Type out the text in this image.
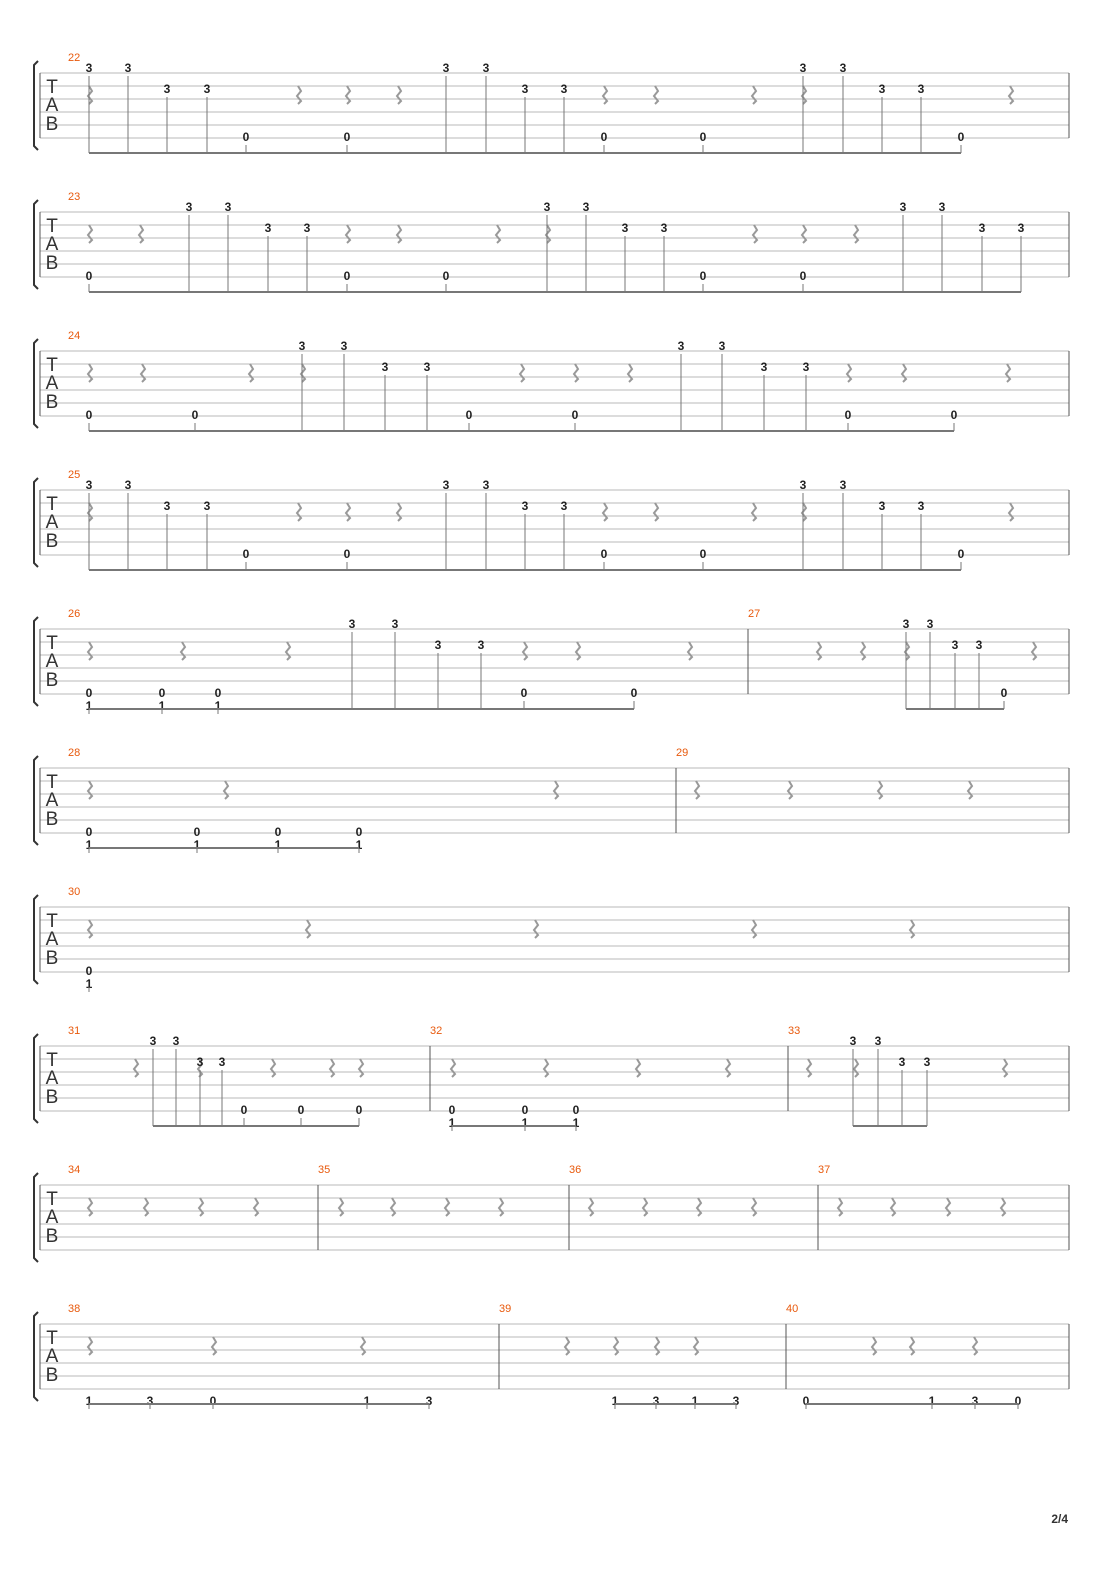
T
A
B
22
3	3
3	3
0	0
3	3
3	3
0	0
3	3
3	3
0
T
A
B
23
0
3	3
3	3
0	0
3	3
3	3
0	0
3	3
3	3
T
A
B
24
0	0
3	3
3	3
0	0
3	3
3	3
0	0
T
A
B
25
3	3
3	3
0	0
3	3
3	3
0	0
3	3
3	3
0
T
A
B
26	27
0
1
0
1
0
1
3	3
3	3
0	0
3 3
3 3
0
T
A
B
28	29
0
1
0
1
0
1
0
1
T
A
B
30
0
1
T
A
B
31	32	33
3 3
3 3
0	0	0	0
1
0
1
0
1
3 3
3 3
T
A
B
34	35	36	37
T
A
B
38	39	40
1	3	0	1	3	1	3	1	3	0	1	3	0
2/4
